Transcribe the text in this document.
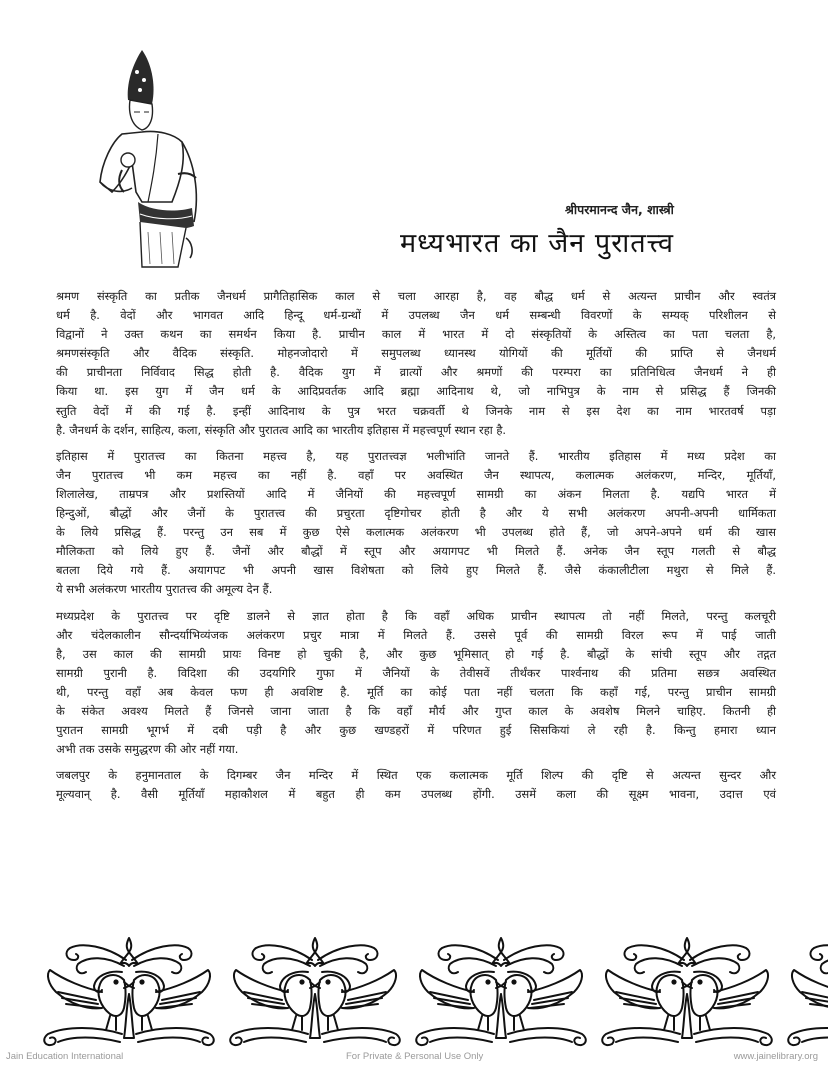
श्रीपरमानन्द जैन, शास्त्री
मध्यभारत का जैन पुरातत्त्व

श्रमण संस्कृति का प्रतीक जैनधर्म प्रागैतिहासिक काल से चला आरहा है, वह बौद्ध धर्म से अत्यन्त प्राचीन और स्वतंत्र
धर्म है. वेदों और भागवत आदि हिन्दू धर्म-ग्रन्थों में उपलब्ध जैन धर्म सम्बन्धी विवरणों के सम्यक् परिशीलन से
विद्वानों ने उक्त कथन का समर्थन किया है. प्राचीन काल में भारत में दो संस्कृतियों के अस्तित्व का पता चलता है,
श्रमणसंस्कृति और वैदिक संस्कृति. मोहनजोदारो में समुपलब्ध ध्यानस्थ योगियों की मूर्तियों की प्राप्ति से जैनधर्म
की प्राचीनता निर्विवाद सिद्ध होती है. वैदिक युग में व्रात्यों और श्रमणों की परम्परा का प्रतिनिधित्व जैनधर्म ने ही
किया था. इस युग में जैन धर्म के आदिप्रवर्तक आदि ब्रह्मा आदिनाथ थे, जो नाभिपुत्र के नाम से प्रसिद्ध हैं जिनकी
स्तुति वेदों में की गई है. इन्हीं आदिनाथ के पुत्र भरत चक्रवर्ती थे जिनके नाम से इस देश का नाम भारतवर्ष पड़ा
है. जैनधर्म के दर्शन, साहित्य, कला, संस्कृति और पुरातत्व आदि का भारतीय इतिहास में महत्त्वपूर्ण स्थान रहा है.

इतिहास में पुरातत्त्व का कितना महत्त्व है, यह पुरातत्त्वज्ञ भलीभांति जानते हैं. भारतीय इतिहास में मध्य प्रदेश का
जैन पुरातत्त्व भी कम महत्त्व का नहीं है. वहाँ पर अवस्थित जैन स्थापत्य, कलात्मक अलंकरण, मन्दिर, मूर्तियाँ,
शिलालेख, ताम्रपत्र और प्रशस्तियों आदि में जैनियों की महत्त्वपूर्ण सामग्री का अंकन मिलता है. यद्यपि भारत में
हिन्दुओं, बौद्धों और जैनों के पुरातत्त्व की प्रचुरता दृष्टिगोचर होती है और ये सभी अलंकरण अपनी-अपनी धार्मिकता
के लिये प्रसिद्ध हैं. परन्तु उन सब में कुछ ऐसे कलात्मक अलंकरण भी उपलब्ध होते हैं, जो अपने-अपने धर्म की खास
मौलिकता को लिये हुए हैं. जैनों और बौद्धों में स्तूप और अयागपट भी मिलते हैं. अनेक जैन स्तूप गलती से बौद्ध
बतला दिये गये हैं. अयागपट भी अपनी खास विशेषता को लिये हुए मिलते हैं. जैसे कंकालीटीला मथुरा से मिले हैं.
ये सभी अलंकरण भारतीय पुरातत्त्व की अमूल्य देन हैं.

मध्यप्रदेश के पुरातत्त्व पर दृष्टि डालने से ज्ञात होता है कि वहाँ अधिक प्राचीन स्थापत्य तो नहीं मिलते, परन्तु कलचूरी
और चंदेलकालीन सौन्दर्याभिव्यंजक अलंकरण प्रचुर मात्रा में मिलते हैं. उससे पूर्व की सामग्री विरल रूप में पाई जाती
है, उस काल की सामग्री प्रायः विनष्ट हो चुकी है, और कुछ भूमिसात् हो गई है. बौद्धों के सांची स्तूप और तद्गत
सामग्री पुरानी है. विदिशा की उदयगिरि गुफा में जैनियों के तेवीसवें तीर्थंकर पार्श्वनाथ की प्रतिमा सछत्र अवस्थित
थी, परन्तु वहाँ अब केवल फण ही अवशिष्ट है. मूर्ति का कोई पता नहीं चलता कि कहाँ गई, परन्तु प्राचीन सामग्री
के संकेत अवश्य मिलते हैं जिनसे जाना जाता है कि वहाँ मौर्य और गुप्त काल के अवशेष मिलने चाहिए. कितनी ही
पुरातन सामग्री भूगर्भ में दबी पड़ी है और कुछ खण्डहरों में परिणत हुई सिसकियां ले रही है. किन्तु हमारा ध्यान
अभी तक उसके समुद्धरण की ओर नहीं गया.

जबलपुर के हनुमानताल के दिगम्बर जैन मन्दिर में स्थित एक कलात्मक मूर्ति शिल्प की दृष्टि से अत्यन्त सुन्दर और
मूल्यवान् है. वैसी मूर्तियाँ महाकौशल में बहुत ही कम उपलब्ध होंगी. उसमें कला की सूक्ष्म भावना, उदात्त एवं

Jain Education International	For Private & Personal Use Only	www.jainelibrary.org
